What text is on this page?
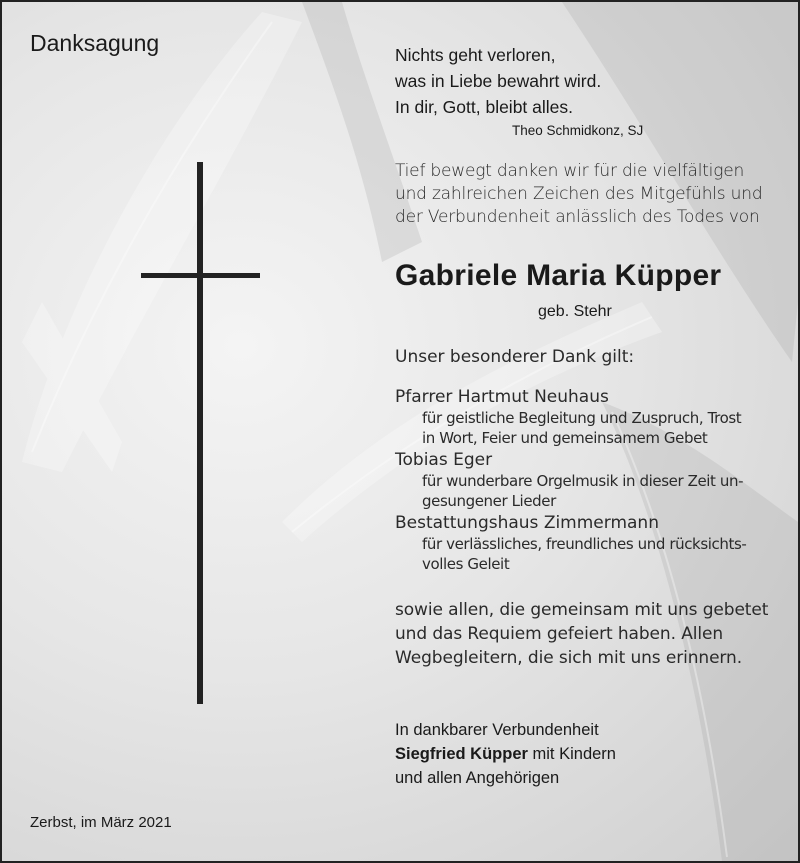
Danksagung	Nichts geht verloren,
was in Liebe bewahrt wird.
In dir, Gott, bleibt alles.
Theo Schmidkonz, SJ
Tief bewegt danken wir für die vielfältigen
und zahlreichen Zeichen des Mitgefühls und
der Verbundenheit anlässlich des Todes von
Gabriele Maria Küpper
geb. Stehr
Unser besonderer Dank gilt:
Pfarrer Hartmut Neuhaus
für geistliche Begleitung und Zuspruch, Trost
in Wort, Feier und gemeinsamem Gebet
Tobias Eger
für wunderbare Orgelmusik in dieser Zeit un-
gesungener Lieder
Bestattungshaus Zimmermann
für verlässliches, freundliches und rücksichts-
volles Geleit
sowie allen, die gemeinsam mit uns gebetet
und das Requiem gefeiert haben. Allen
Wegbegleitern, die sich mit uns erinnern.
In dankbarer Verbundenheit
Siegfried Küpper mit Kindern
und allen Angehörigen
Zerbst, im März 2021
